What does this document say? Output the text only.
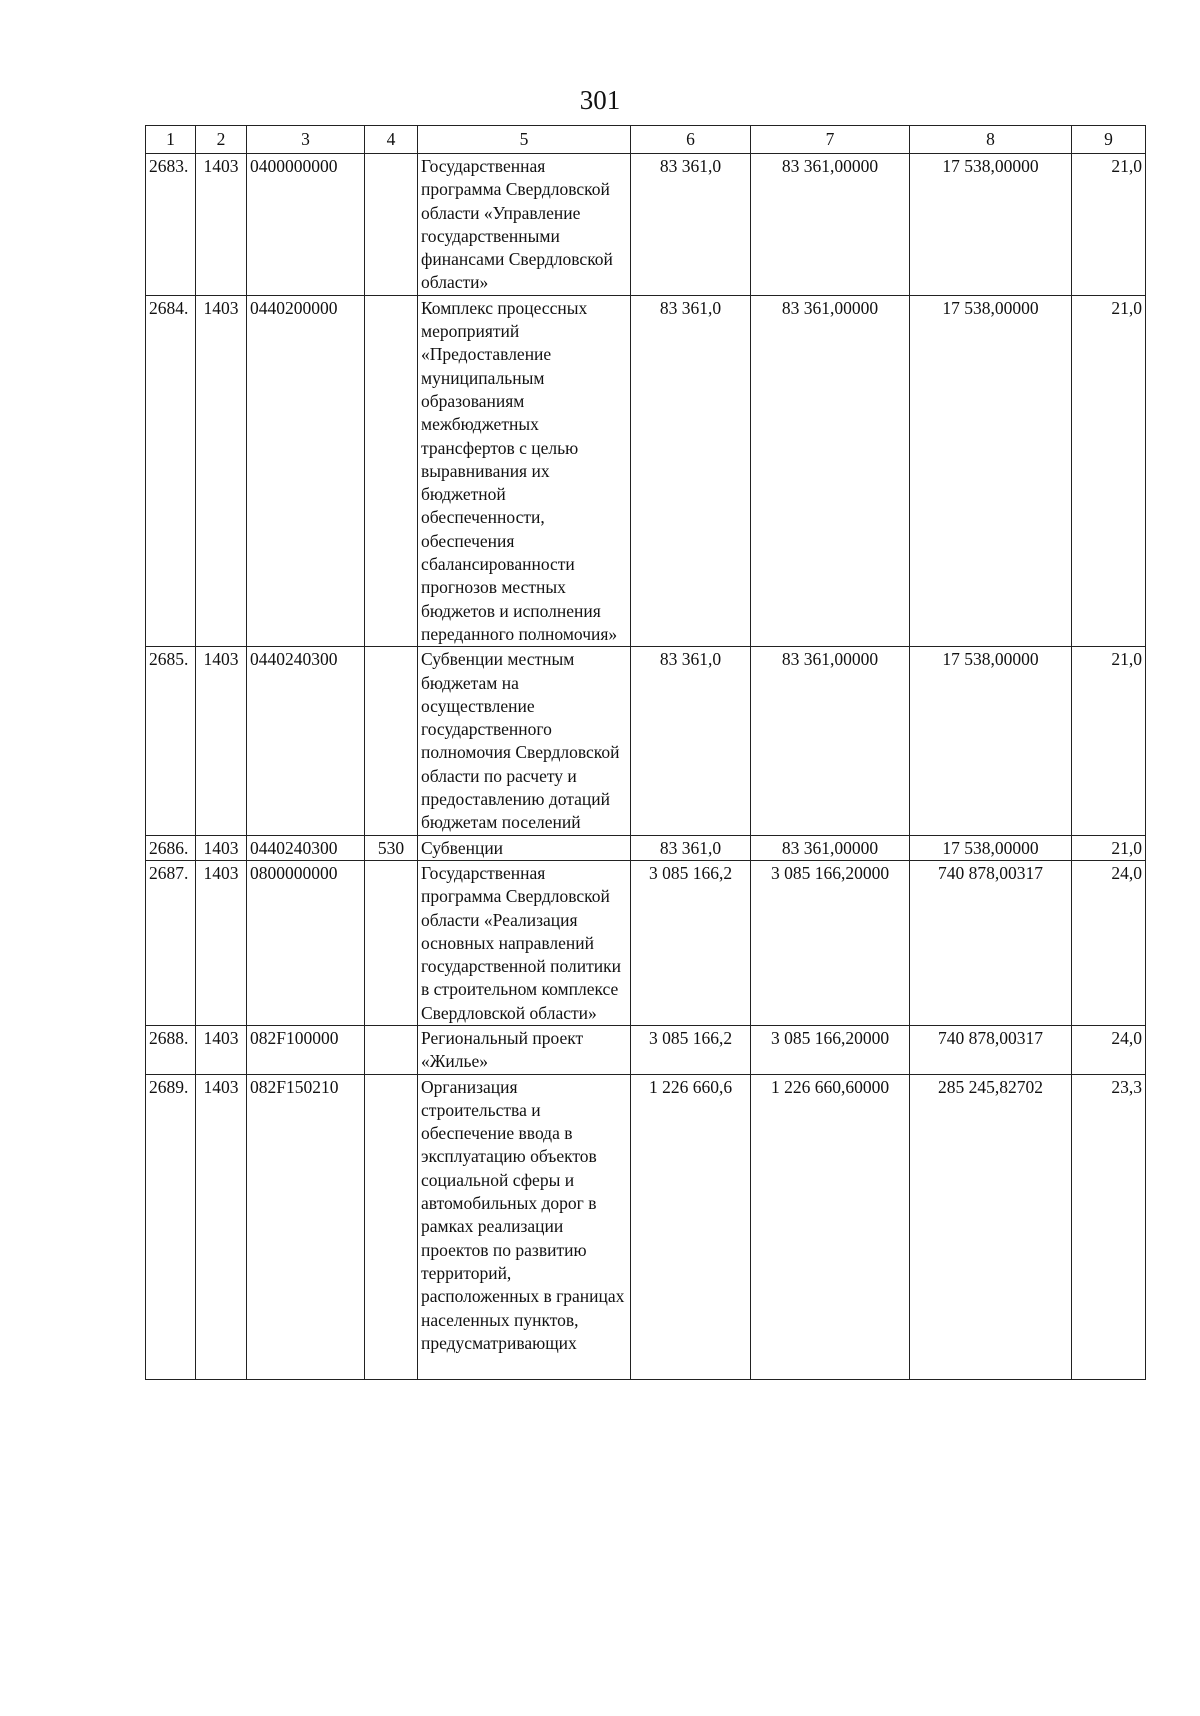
301
1	2	3	4	5	6	7	8	9
2683.	1403	0400000000		Государственная программа Свердловской области «Управление государственными финансами Свердловской области»	83 361,0	83 361,00000	17 538,00000	21,0
2684.	1403	0440200000		Комплекс процессных мероприятий «Предоставление муниципальным образованиям межбюджетных трансфертов с целью выравнивания их бюджетной обеспеченности, обеспечения сбалансированности прогнозов местных бюджетов и исполнения переданного полномочия»	83 361,0	83 361,00000	17 538,00000	21,0
2685.	1403	0440240300		Субвенции местным бюджетам на осуществление государственного полномочия Свердловской области по расчету и предоставлению дотаций бюджетам поселений	83 361,0	83 361,00000	17 538,00000	21,0
2686.	1403	0440240300	530	Субвенции	83 361,0	83 361,00000	17 538,00000	21,0
2687.	1403	0800000000		Государственная программа Свердловской области «Реализация основных направлений государственной политики в строительном комплексе Свердловской области»	3 085 166,2	3 085 166,20000	740 878,00317	24,0
2688.	1403	082F100000		Региональный проект «Жилье»	3 085 166,2	3 085 166,20000	740 878,00317	24,0
2689.	1403	082F150210		Организация строительства и обеспечение ввода в эксплуатацию объектов социальной сферы и автомобильных дорог в рамках реализации проектов по развитию территорий, расположенных в границах населенных пунктов, предусматривающих	1 226 660,6	1 226 660,60000	285 245,82702	23,3
